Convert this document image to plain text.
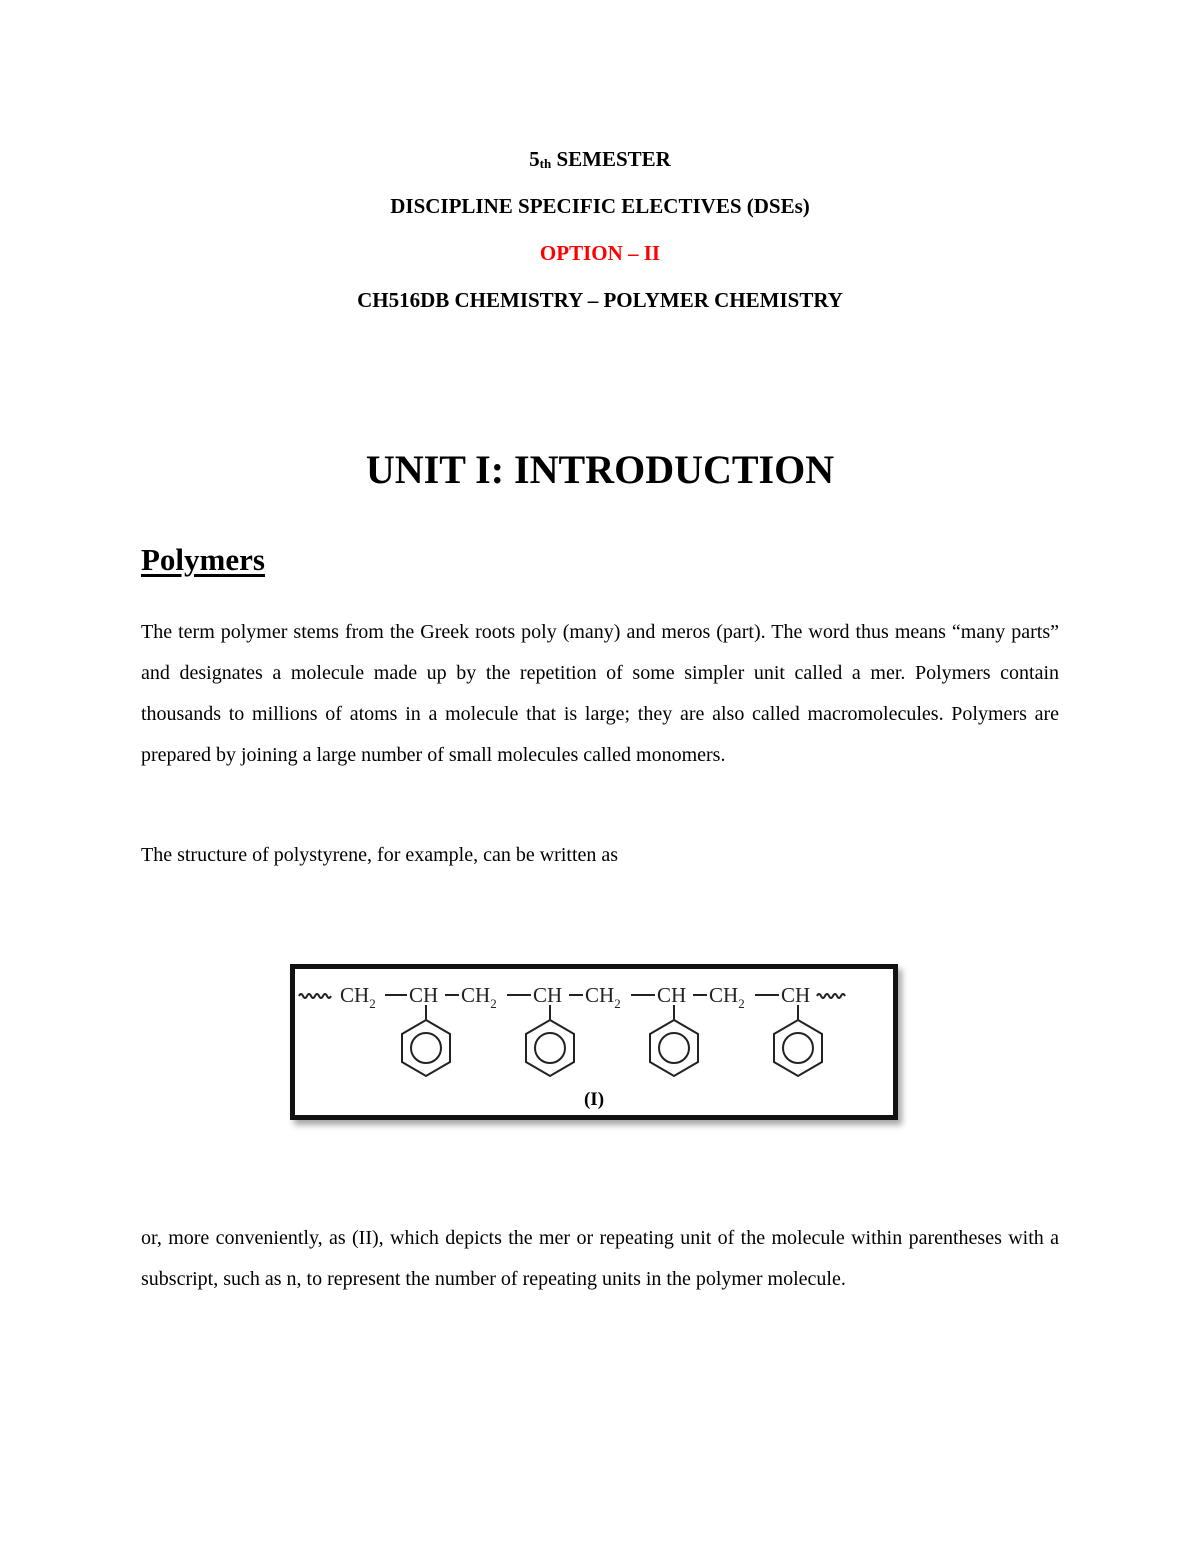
$5_{th}$ SEMESTER
DISCIPLINE SPECIFIC ELECTIVES (DSEs)
OPTION – II
CH516DB CHEMISTRY – POLYMER CHEMISTRY
UNIT I: INTRODUCTION
Polymers

The term polymer stems from the Greek roots poly (many) and meros (part). The word thus means “many parts” and designates a molecule made up by the repetition of some simpler unit called a mer. Polymers contain thousands to millions of atoms in a molecule that is large; they are also called macromolecules. Polymers are prepared by joining a large number of small molecules called monomers.

The structure of polystyrene, for example, can be written as

$CH_2$ CH $CH_2$ CH $CH_2$ CH $CH_2$ CH
(I)

or, more conveniently, as (II), which depicts the mer or repeating unit of the molecule within parentheses with a subscript, such as n, to represent the number of repeating units in the polymer molecule.
